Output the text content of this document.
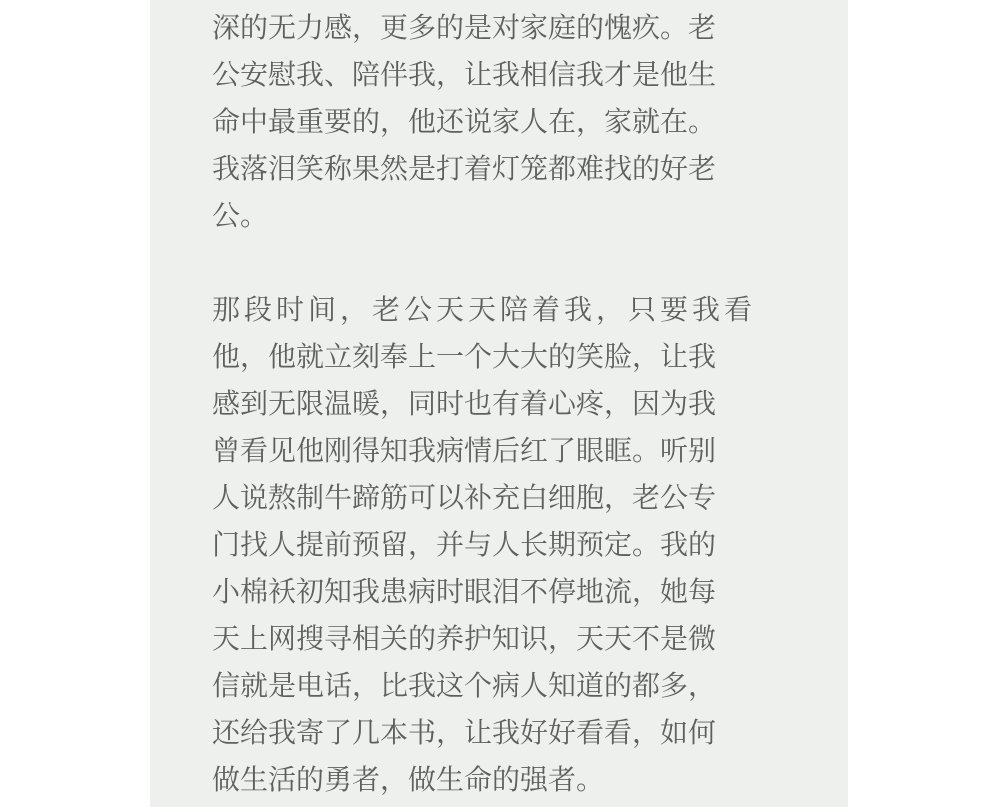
深的无力感，更多的是对家庭的愧疚。老
公安慰我、陪伴我，让我相信我才是他生
命中最重要的，他还说家人在，家就在。
我落泪笑称果然是打着灯笼都难找的好老
公。
那段时间，老公天天陪着我，只要我看
他，他就立刻奉上一个大大的笑脸，让我
感到无限温暖，同时也有着心疼，因为我
曾看见他刚得知我病情后红了眼眶。听别
人说熬制牛蹄筋可以补充白细胞，老公专
门找人提前预留，并与人长期预定。我的
小棉袄初知我患病时眼泪不停地流，她每
天上网搜寻相关的养护知识，天天不是微
信就是电话，比我这个病人知道的都多，
还给我寄了几本书，让我好好看看，如何
做生活的勇者，做生命的强者。
